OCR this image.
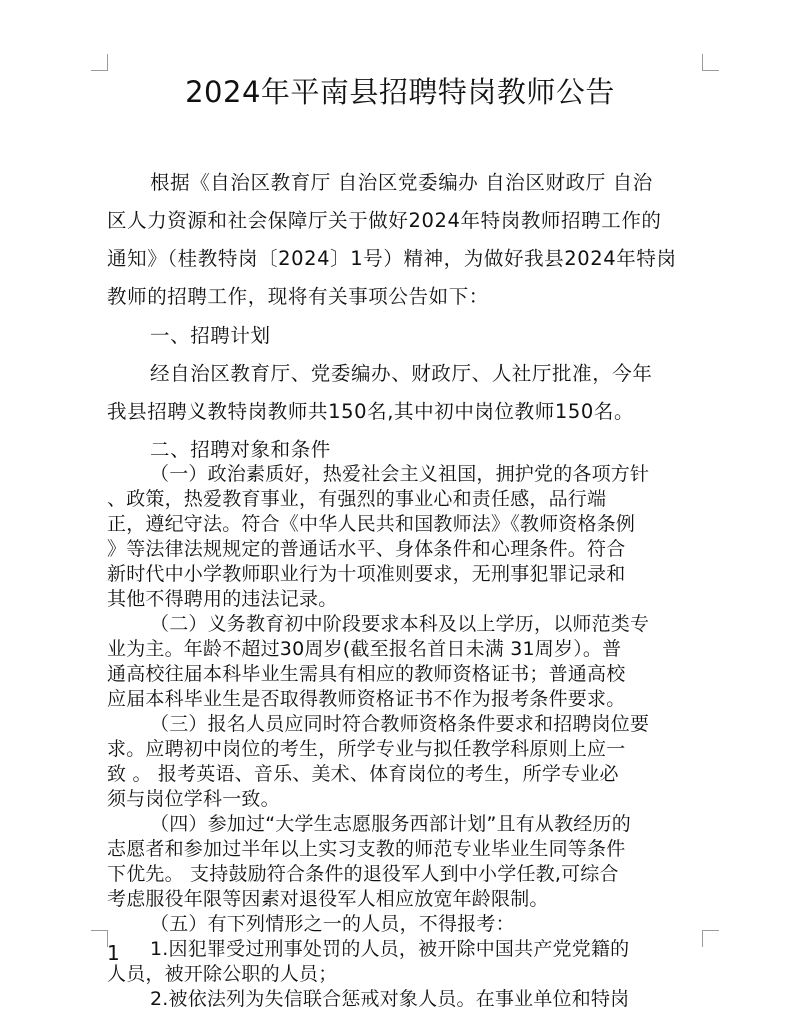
2024年平南县招聘特岗教师公告
根据《自治区教育厅 自治区党委编办 自治区财政厅 自治
区人力资源和社会保障厅关于做好2024年特岗教师招聘工作的
通知》（桂教特岗〔2024〕1号）精神，为做好我县2024年特岗
教师的招聘工作，现将有关事项公告如下：
一、招聘计划
经自治区教育厅、党委编办、财政厅、人社厅批准，今年
我县招聘义教特岗教师共150名,其中初中岗位教师150名。
二、招聘对象和条件
（一）政治素质好，热爱社会主义祖国，拥护党的各项方针
、政策，热爱教育事业，有强烈的事业心和责任感，品行端
正，遵纪守法。符合《中华人民共和国教师法》《教师资格条例
》等法律法规规定的普通话水平、身体条件和心理条件。符合
新时代中小学教师职业行为十项准则要求，无刑事犯罪记录和
其他不得聘用的违法记录。
（二）义务教育初中阶段要求本科及以上学历，以师范类专
业为主。年龄不超过30周岁(截至报名首日未满 31周岁）。普
通高校往届本科毕业生需具有相应的教师资格证书；普通高校
应届本科毕业生是否取得教师资格证书不作为报考条件要求。
（三）报名人员应同时符合教师资格条件要求和招聘岗位要
求。应聘初中岗位的考生，所学专业与拟任教学科原则上应一
致 。 报考英语、音乐、美术、体育岗位的考生，所学专业必
须与岗位学科一致。
（四）参加过“大学生志愿服务西部计划”且有从教经历的
志愿者和参加过半年以上实习支教的师范专业毕业生同等条件
下优先。 支持鼓励符合条件的退役军人到中小学任教,可综合
考虑服役年限等因素对退役军人相应放宽年龄限制。
（五）有下列情形之一的人员，不得报考：
1.因犯罪受过刑事处罚的人员，被开除中国共产党党籍的
人员，被开除公职的人员；
2.被依法列为失信联合惩戒对象人员。在事业单位和特岗
1
